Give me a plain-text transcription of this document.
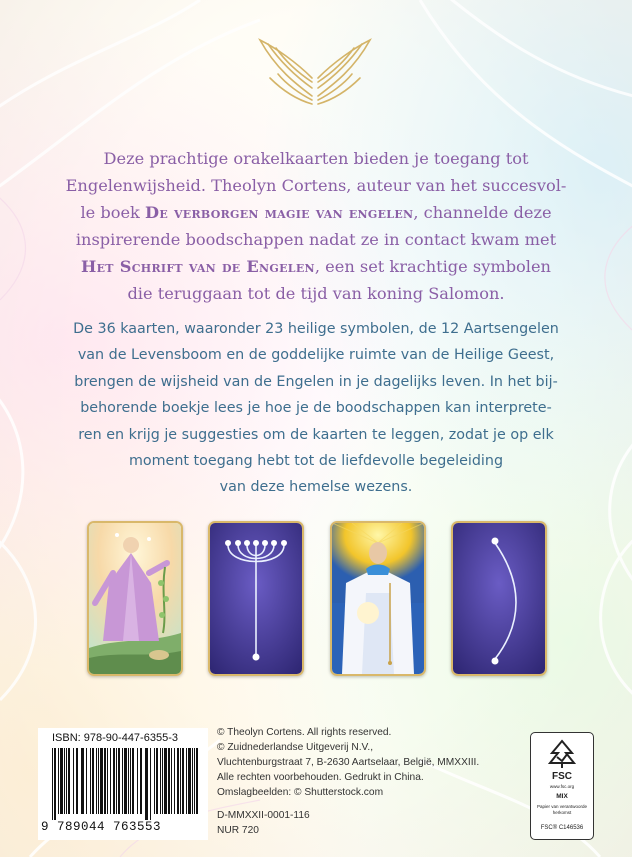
Deze prachtige orakelkaarten bieden je toegang tot
Engelenwijsheid. Theolyn Cortens, auteur van het succesvol-
le boek De verborgen magie van engelen, channelde deze
inspirerende boodschappen nadat ze in contact kwam met
Het Schrift van de Engelen, een set krachtige symbolen
die teruggaan tot de tijd van koning Salomon.
De 36 kaarten, waaronder 23 heilige symbolen, de 12 Aartsengelen
van de Levensboom en de goddelijke ruimte van de Heilige Geest,
brengen de wijsheid van de Engelen in je dagelijks leven. In het bij-
behorende boekje lees je hoe je de boodschappen kan interprete-
ren en krijg je suggesties om de kaarten te leggen, zodat je op elk
moment toegang hebt tot de liefdevolle begeleiding
van deze hemelse wezens.
ISBN: 978-90-447-6355-3
9 789044 763553
© Theolyn Cortens. All rights reserved.
© Zuidnederlandse Uitgeverij N.V.,
Vluchtenburgstraat 7, B-2630 Aartselaar, België, MMXXIII.
Alle rechten voorbehouden. Gedrukt in China.
Omslagbeelden: © Shutterstock.com
D-MMXXII-0001-116
NUR 720
FSC
www.fsc.org
MIX
Papier van verantwoorde herkomst
FSC® C146536
